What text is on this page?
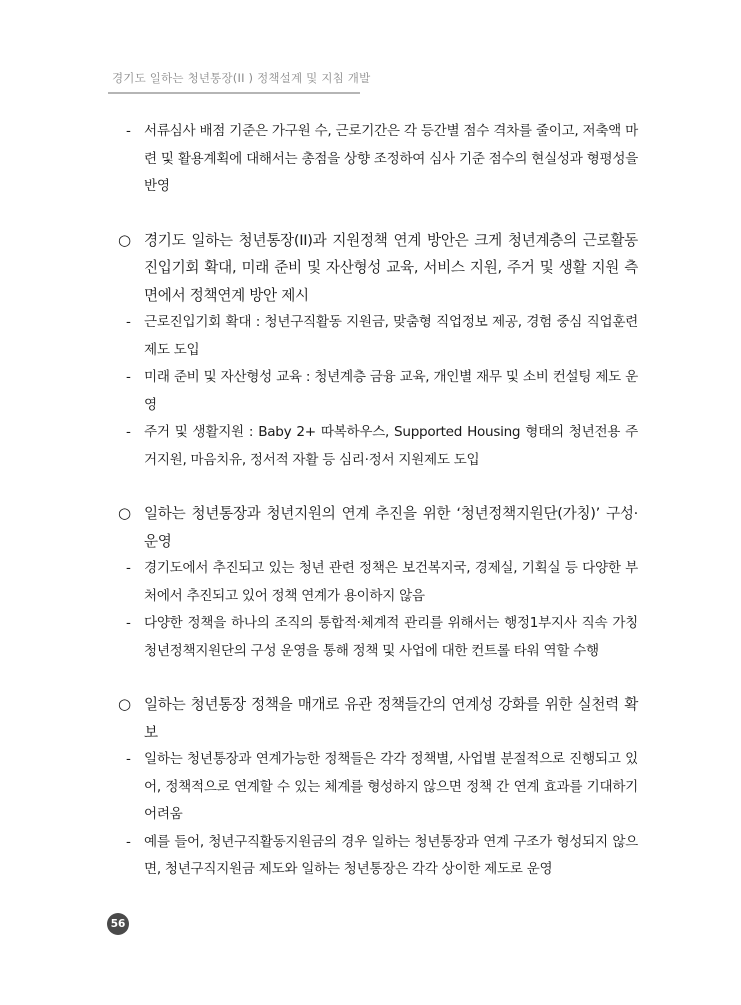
경기도 일하는 청년통장(II ) 정책설계 및 지침 개발
- 서류심사 배점 기준은 가구원 수, 근로기간은 각 등간별 점수 격차를 줄이고, 저축액 마련 및 활용계획에 대해서는 총점을 상향 조정하여 심사 기준 점수의 현실성과 형평성을 반영
○ 경기도 일하는 청년통장(II)과 지원정책 연계 방안은 크게 청년계층의 근로활동 진입기회 확대, 미래 준비 및 자산형성 교육, 서비스 지원, 주거 및 생활 지원 측면에서 정책연계 방안 제시
- 근로진입기회 확대 : 청년구직활동 지원금, 맞춤형 직업정보 제공, 경험 중심 직업훈련 제도 도입
- 미래 준비 및 자산형성 교육 : 청년계층 금융 교육, 개인별 재무 및 소비 컨설팅 제도 운영
- 주거 및 생활지원 : Baby 2+ 따복하우스, Supported Housing 형태의 청년전용 주거지원, 마음치유, 정서적 자활 등 심리·정서 지원제도 도입
○ 일하는 청년통장과 청년지원의 연계 추진을 위한 ‘청년정책지원단(가칭)’ 구성·운영
- 경기도에서 추진되고 있는 청년 관련 정책은 보건복지국, 경제실, 기획실 등 다양한 부처에서 추진되고 있어 정책 연계가 용이하지 않음
- 다양한 정책을 하나의 조직의 통합적·체계적 관리를 위해서는 행정1부지사 직속 가칭 청년정책지원단의 구성 운영을 통해 정책 및 사업에 대한 컨트롤 타워 역할 수행
○ 일하는 청년통장 정책을 매개로 유관 정책들간의 연계성 강화를 위한 실천력 확보
- 일하는 청년통장과 연계가능한 정책들은 각각 정책별, 사업별 분절적으로 진행되고 있어, 정책적으로 연계할 수 있는 체계를 형성하지 않으면 정책 간 연계 효과를 기대하기 어려움
- 예를 들어, 청년구직활동지원금의 경우 일하는 청년통장과 연계 구조가 형성되지 않으면, 청년구직지원금 제도와 일하는 청년통장은 각각 상이한 제도로 운영
56
